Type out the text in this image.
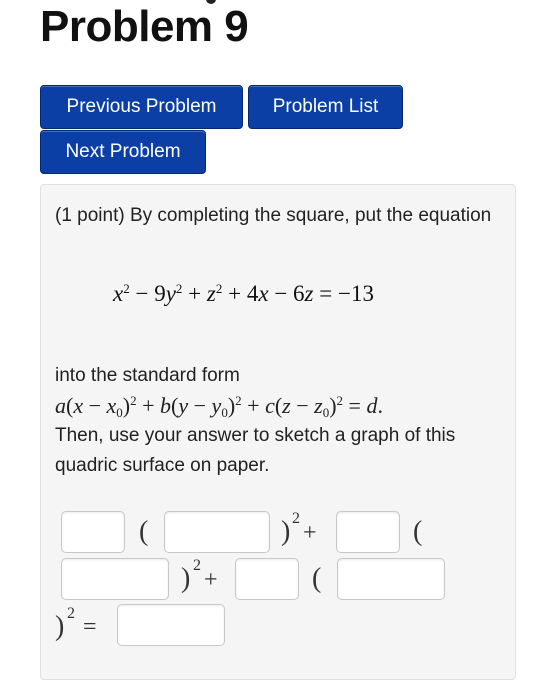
Problem 9
Previous Problem	Problem List
Next Problem
(1 point) By completing the square, put the equation
$x^2 - 9y^2 + z^2 + 4x - 6z = -13$
into the standard form
$a(x - x_0)^2 + b(y - y_0)^2 + c(z - z_0)^2 = d$.
Then, use your answer to sketch a graph of this quadric surface on paper.
(	) 2
+	(
) 2
+	(
) 2
=
